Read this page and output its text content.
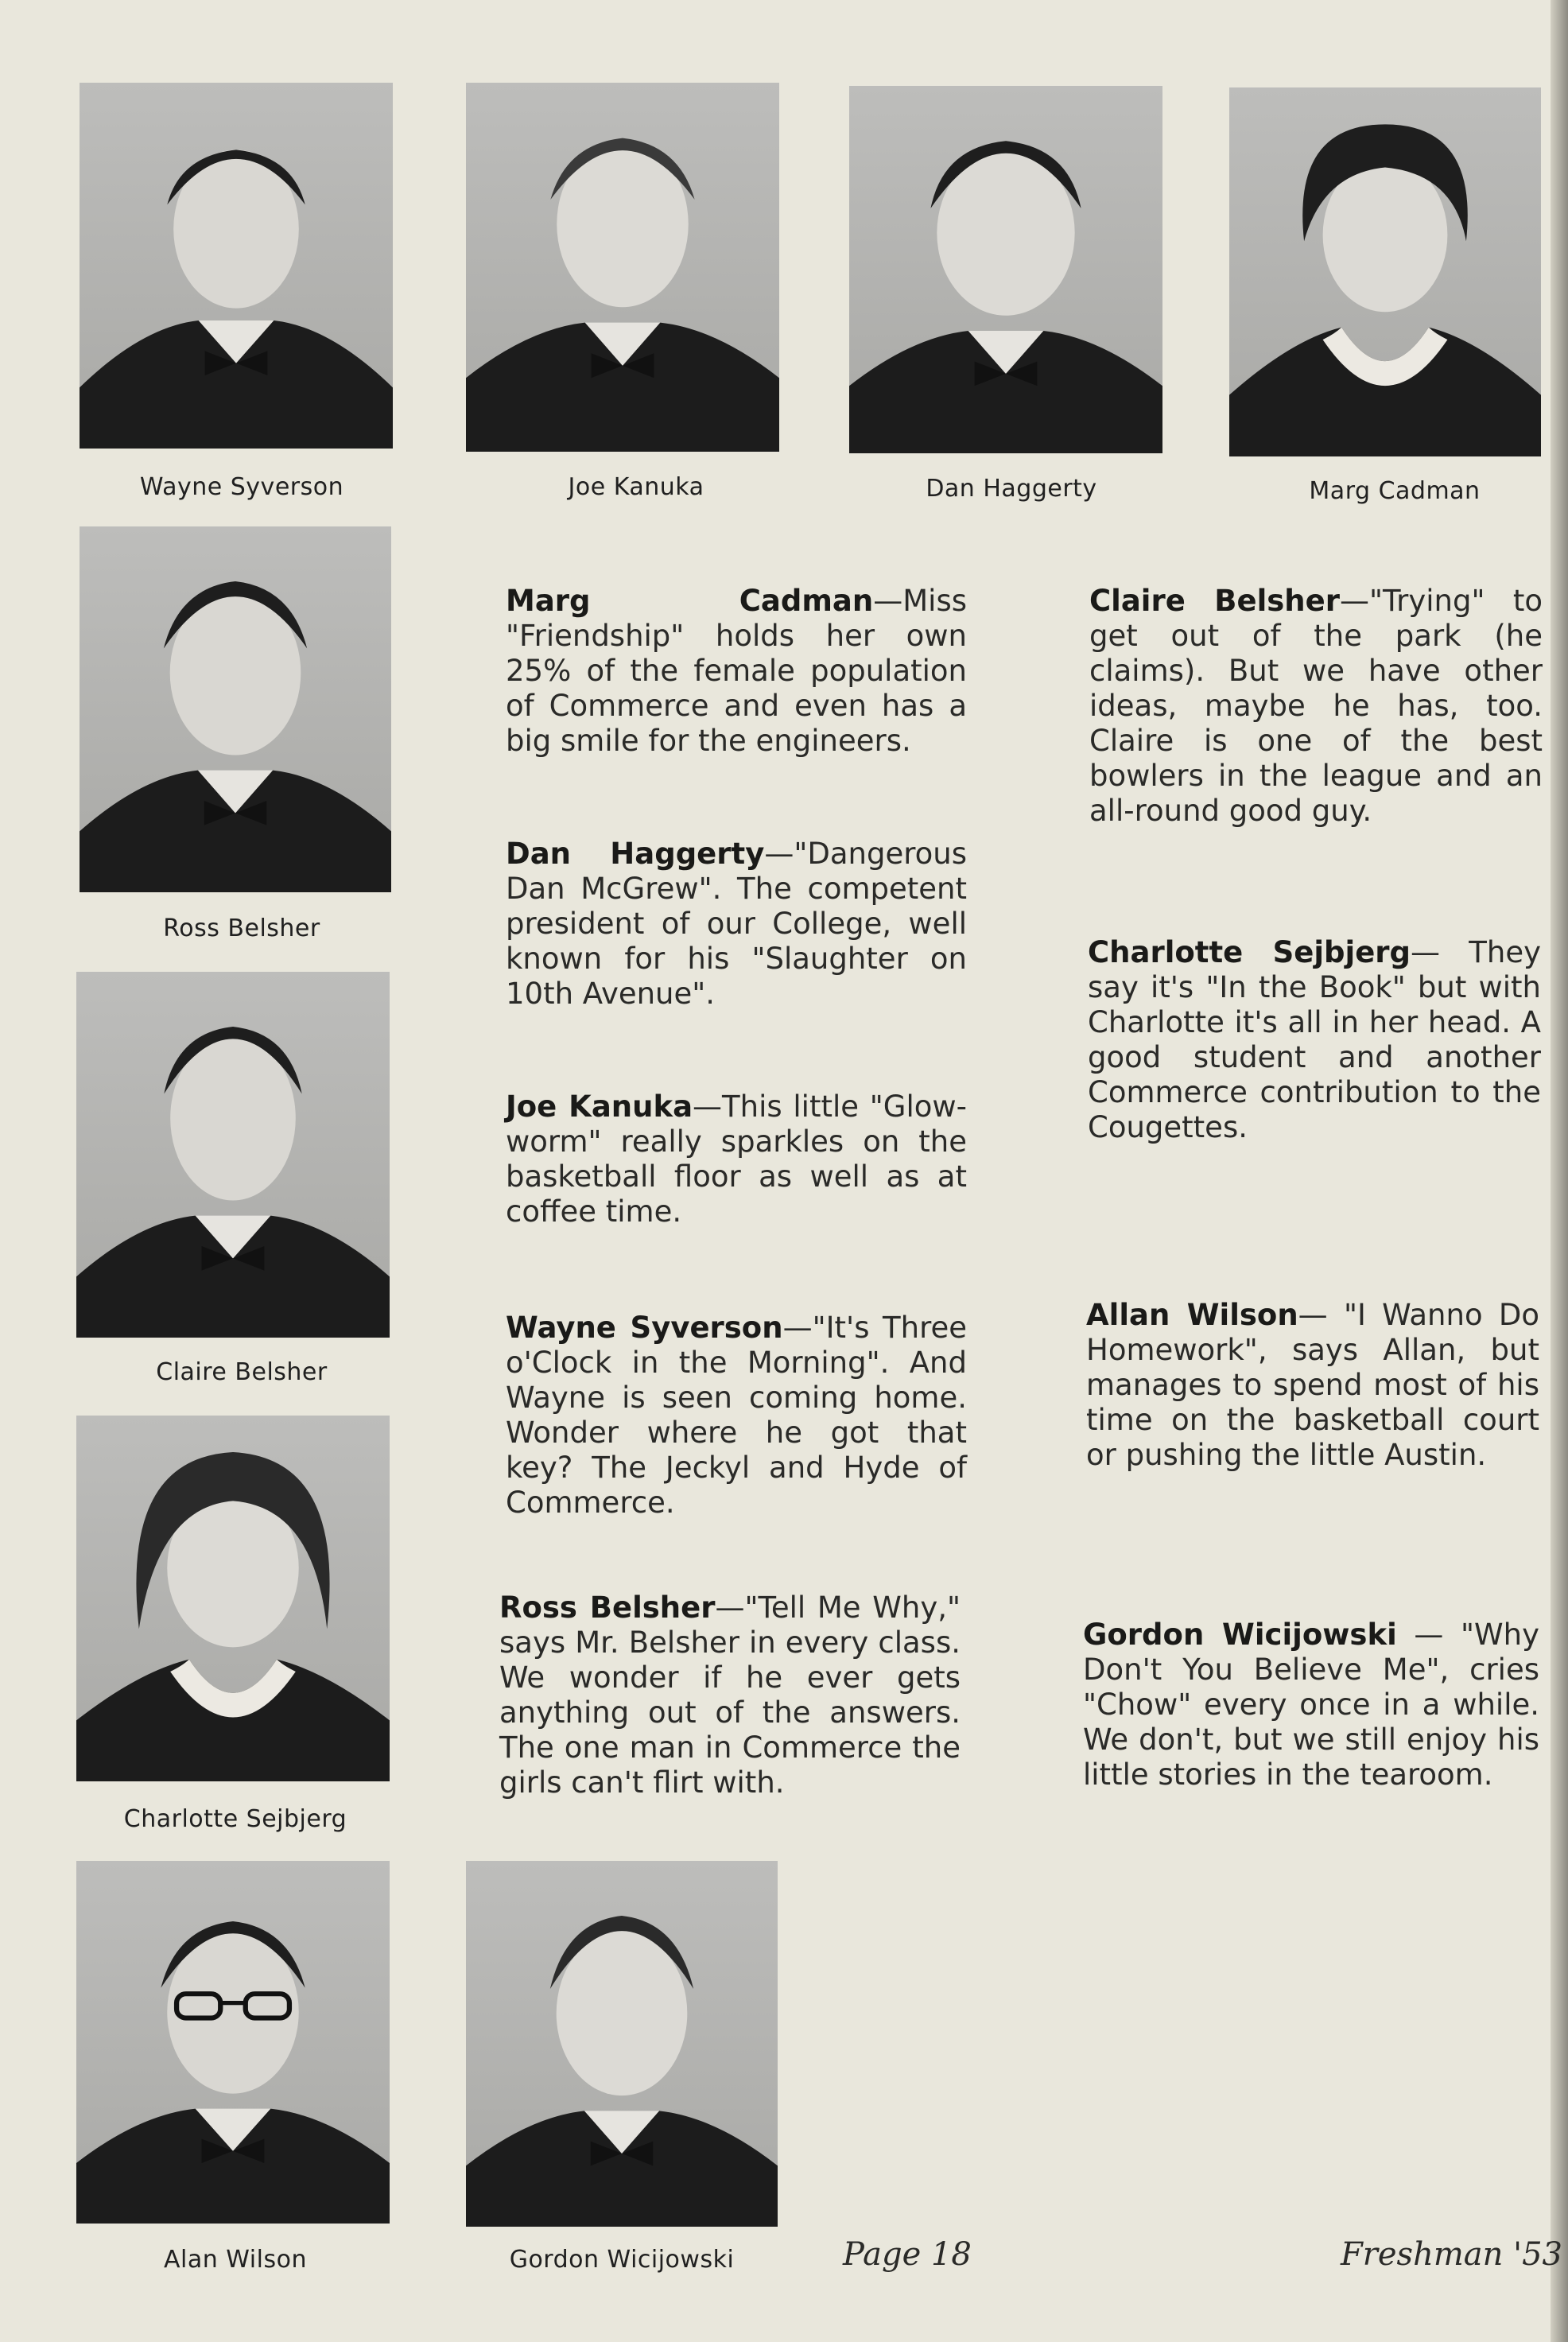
Wayne Syverson	Joe Kanuka	Dan Haggerty	Marg Cadman
Ross Belsher
Claire Belsher
Charlotte Sejbjerg
Alan Wilson	Gordon Wicijowski
Marg Cadman—Miss "Friendship" holds her own 25% of the female population of Commerce and even has a big smile for the engineers.
Dan Haggerty—"Dangerous Dan McGrew". The competent president of our College, well known for his "Slaughter on 10th Avenue".
Joe Kanuka—This little "Glow-worm" really sparkles on the basketball floor as well as at coffee time.
Wayne Syverson—"It's Three o'Clock in the Morning". And Wayne is seen coming home. Wonder where he got that key? The Jeckyl and Hyde of Commerce.
Ross Belsher—"Tell Me Why," says Mr. Belsher in every class. We wonder if he ever gets anything out of the answers. The one man in Commerce the girls can't flirt with.
Claire Belsher—"Trying" to get out of the park (he claims). But we have other ideas, maybe he has, too. Claire is one of the best bowlers in the league and an all-round good guy.
Charlotte Sejbjerg— They say it's "In the Book" but with Charlotte it's all in her head. A good student and another Commerce contribution to the Cougettes.
Allan Wilson— "I Wanno Do Homework", says Allan, but manages to spend most of his time on the basketball court or pushing the little Austin.
Gordon Wicijowski — "Why Don't You Believe Me", cries "Chow" every once in a while. We don't, but we still enjoy his little stories in the tearoom.
Page 18	Freshman '53
